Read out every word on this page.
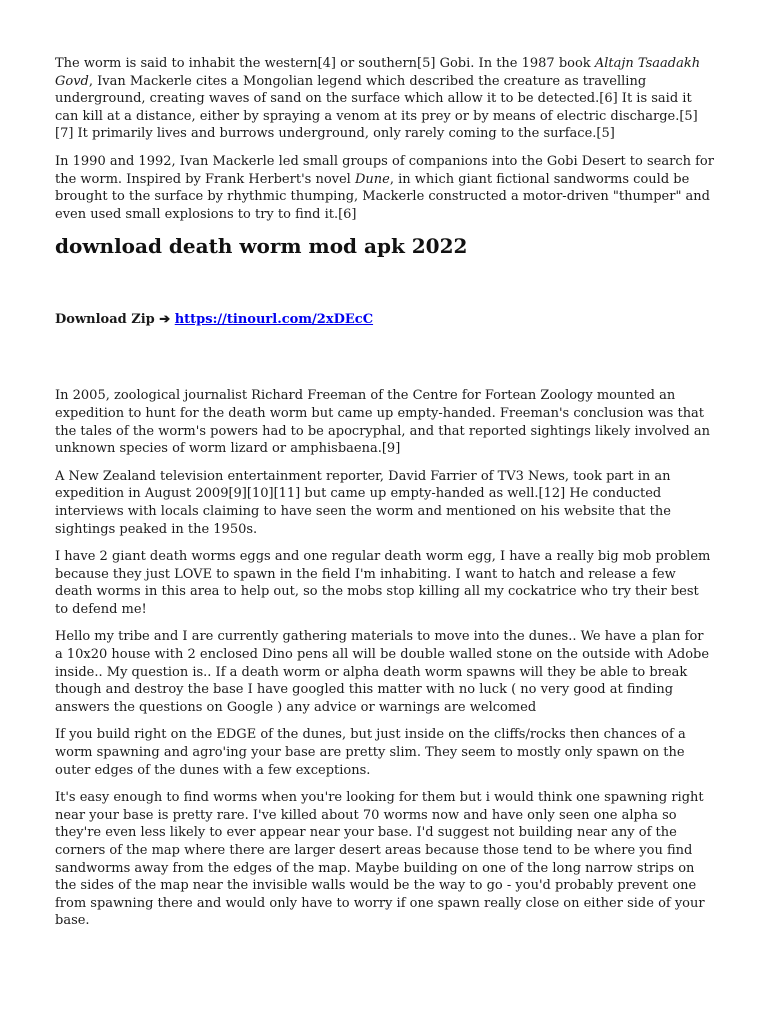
The worm is said to inhabit the western[4] or southern[5] Gobi. In the 1987 book Altajn Tsaadakh Govd, Ivan Mackerle cites a Mongolian legend which described the creature as travelling underground, creating waves of sand on the surface which allow it to be detected.[6] It is said it can kill at a distance, either by spraying a venom at its prey or by means of electric discharge.[5][7] It primarily lives and burrows underground, only rarely coming to the surface.[5]

In 1990 and 1992, Ivan Mackerle led small groups of companions into the Gobi Desert to search for the worm. Inspired by Frank Herbert's novel Dune, in which giant fictional sandworms could be brought to the surface by rhythmic thumping, Mackerle constructed a motor-driven "thumper" and even used small explosions to try to find it.[6]

download death worm mod apk 2022
Download Zip ➔ https://tinourl.com/2xDEcC

In 2005, zoological journalist Richard Freeman of the Centre for Fortean Zoology mounted an expedition to hunt for the death worm but came up empty-handed. Freeman's conclusion was that the tales of the worm's powers had to be apocryphal, and that reported sightings likely involved an unknown species of worm lizard or amphisbaena.[9]

A New Zealand television entertainment reporter, David Farrier of TV3 News, took part in an expedition in August 2009[9][10][11] but came up empty-handed as well.[12] He conducted interviews with locals claiming to have seen the worm and mentioned on his website that the sightings peaked in the 1950s.

I have 2 giant death worms eggs and one regular death worm egg, I have a really big mob problem because they just LOVE to spawn in the field I'm inhabiting. I want to hatch and release a few death worms in this area to help out, so the mobs stop killing all my cockatrice who try their best to defend me!

Hello my tribe and I are currently gathering materials to move into the dunes.. We have a plan for a 10x20 house with 2 enclosed Dino pens all will be double walled stone on the outside with Adobe inside.. My question is.. If a death worm or alpha death worm spawns will they be able to break though and destroy the base I have googled this matter with no luck ( no very good at finding answers the questions on Google ) any advice or warnings are welcomed

If you build right on the EDGE of the dunes, but just inside on the cliffs/rocks then chances of a worm spawning and agro'ing your base are pretty slim. They seem to mostly only spawn on the outer edges of the dunes with a few exceptions.

It's easy enough to find worms when you're looking for them but i would think one spawning right near your base is pretty rare. I've killed about 70 worms now and have only seen one alpha so they're even less likely to ever appear near your base. I'd suggest not building near any of the corners of the map where there are larger desert areas because those tend to be where you find sandworms away from the edges of the map. Maybe building on one of the long narrow strips on the sides of the map near the invisible walls would be the way to go - you'd probably prevent one from spawning there and would only have to worry if one spawn really close on either side of your base.
